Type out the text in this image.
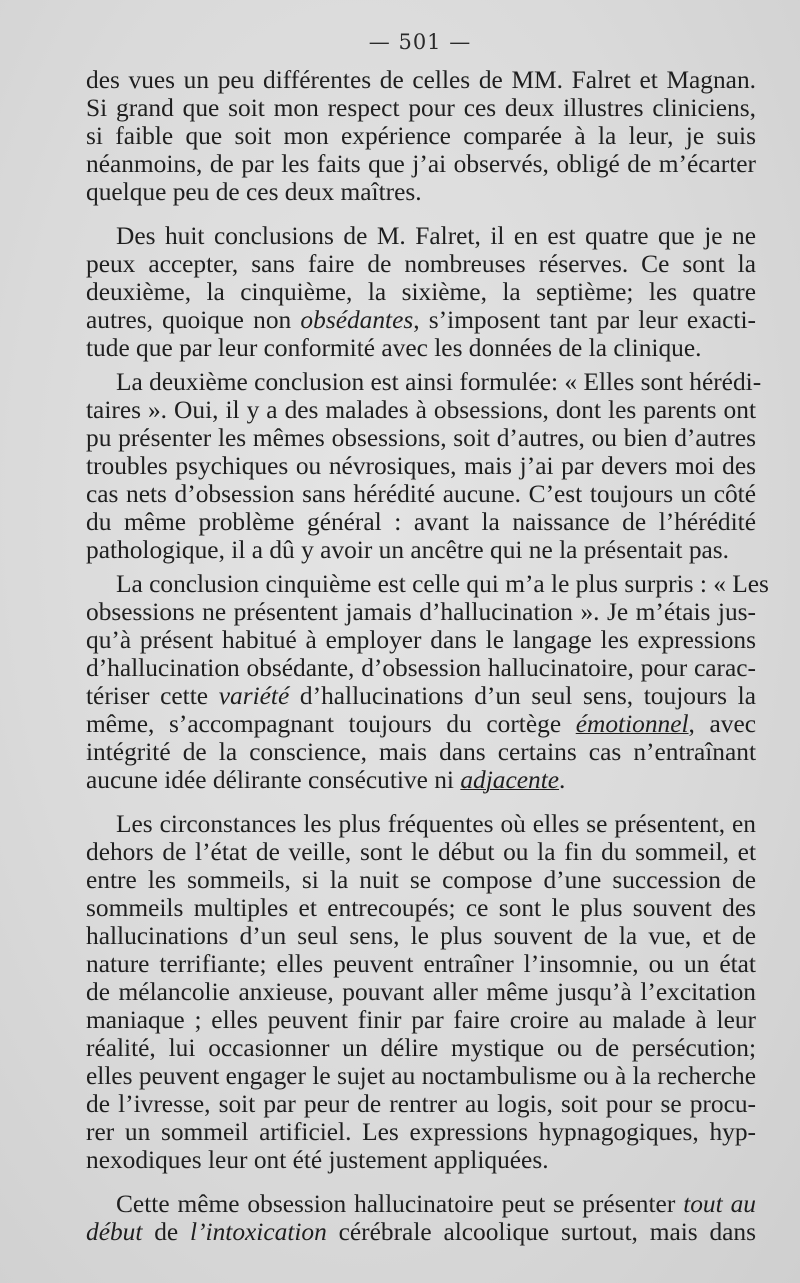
— 501 —

des vues un peu différentes de celles de MM. Falret et Magnan.
Si grand que soit mon respect pour ces deux illustres cliniciens,
si faible que soit mon expérience comparée à la leur, je suis
néanmoins, de par les faits que j’ai observés, obligé de m’écarter
quelque peu de ces deux maîtres.

Des huit conclusions de M. Falret, il en est quatre que je ne
peux accepter, sans faire de nombreuses réserves. Ce sont la
deuxième, la cinquième, la sixième, la septième; les quatre
autres, quoique non obsédantes, s’imposent tant par leur exacti-
tude que par leur conformité avec les données de la clinique.

La deuxième conclusion est ainsi formulée: « Elles sont hérédi-
taires ». Oui, il y a des malades à obsessions, dont les parents ont
pu présenter les mêmes obsessions, soit d’autres, ou bien d’autres
troubles psychiques ou névrosiques, mais j’ai par devers moi des
cas nets d’obsession sans hérédité aucune. C’est toujours un côté
du même problème général : avant la naissance de l’hérédité
pathologique, il a dû y avoir un ancêtre qui ne la présentait pas.

La conclusion cinquième est celle qui m’a le plus surpris : « Les
obsessions ne présentent jamais d’hallucination ». Je m’étais jus-
qu’à présent habitué à employer dans le langage les expressions
d’hallucination obsédante, d’obsession hallucinatoire, pour carac-
tériser cette variété d’hallucinations d’un seul sens, toujours la
même, s’accompagnant toujours du cortège émotionnel, avec
intégrité de la conscience, mais dans certains cas n’entraînant
aucune idée délirante consécutive ni adjacente.

Les circonstances les plus fréquentes où elles se présentent, en
dehors de l’état de veille, sont le début ou la fin du sommeil, et
entre les sommeils, si la nuit se compose d’une succession de
sommeils multiples et entrecoupés; ce sont le plus souvent des
hallucinations d’un seul sens, le plus souvent de la vue, et de
nature terrifiante; elles peuvent entraîner l’insomnie, ou un état
de mélancolie anxieuse, pouvant aller même jusqu’à l’excitation
maniaque ; elles peuvent finir par faire croire au malade à leur
réalité, lui occasionner un délire mystique ou de persécution;
elles peuvent engager le sujet au noctambulisme ou à la recherche
de l’ivresse, soit par peur de rentrer au logis, soit pour se procu-
rer un sommeil artificiel. Les expressions hypnagogiques, hyp-
nexodiques leur ont été justement appliquées.

Cette même obsession hallucinatoire peut se présenter tout au
début de l’intoxication cérébrale alcoolique surtout, mais dans
